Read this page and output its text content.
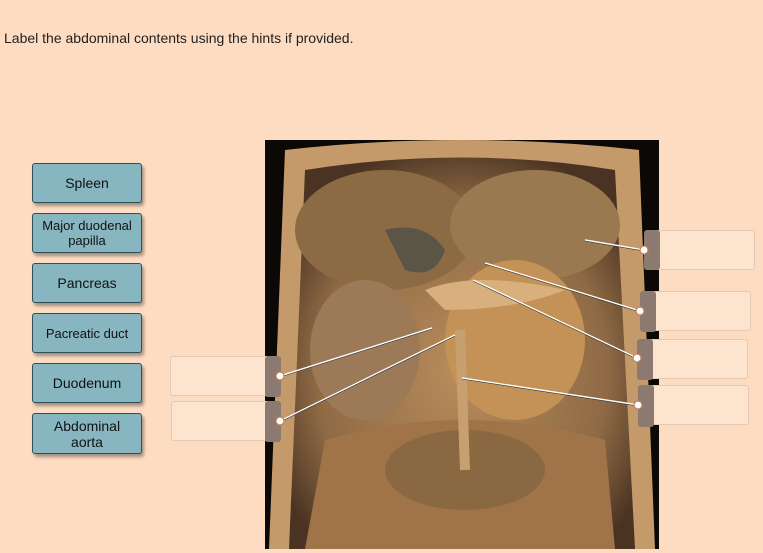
Label the abdominal contents using the hints if provided.
Spleen
Major duodenal papilla
Pancreas
Pacreatic duct
Duodenum
Abdominal aorta
